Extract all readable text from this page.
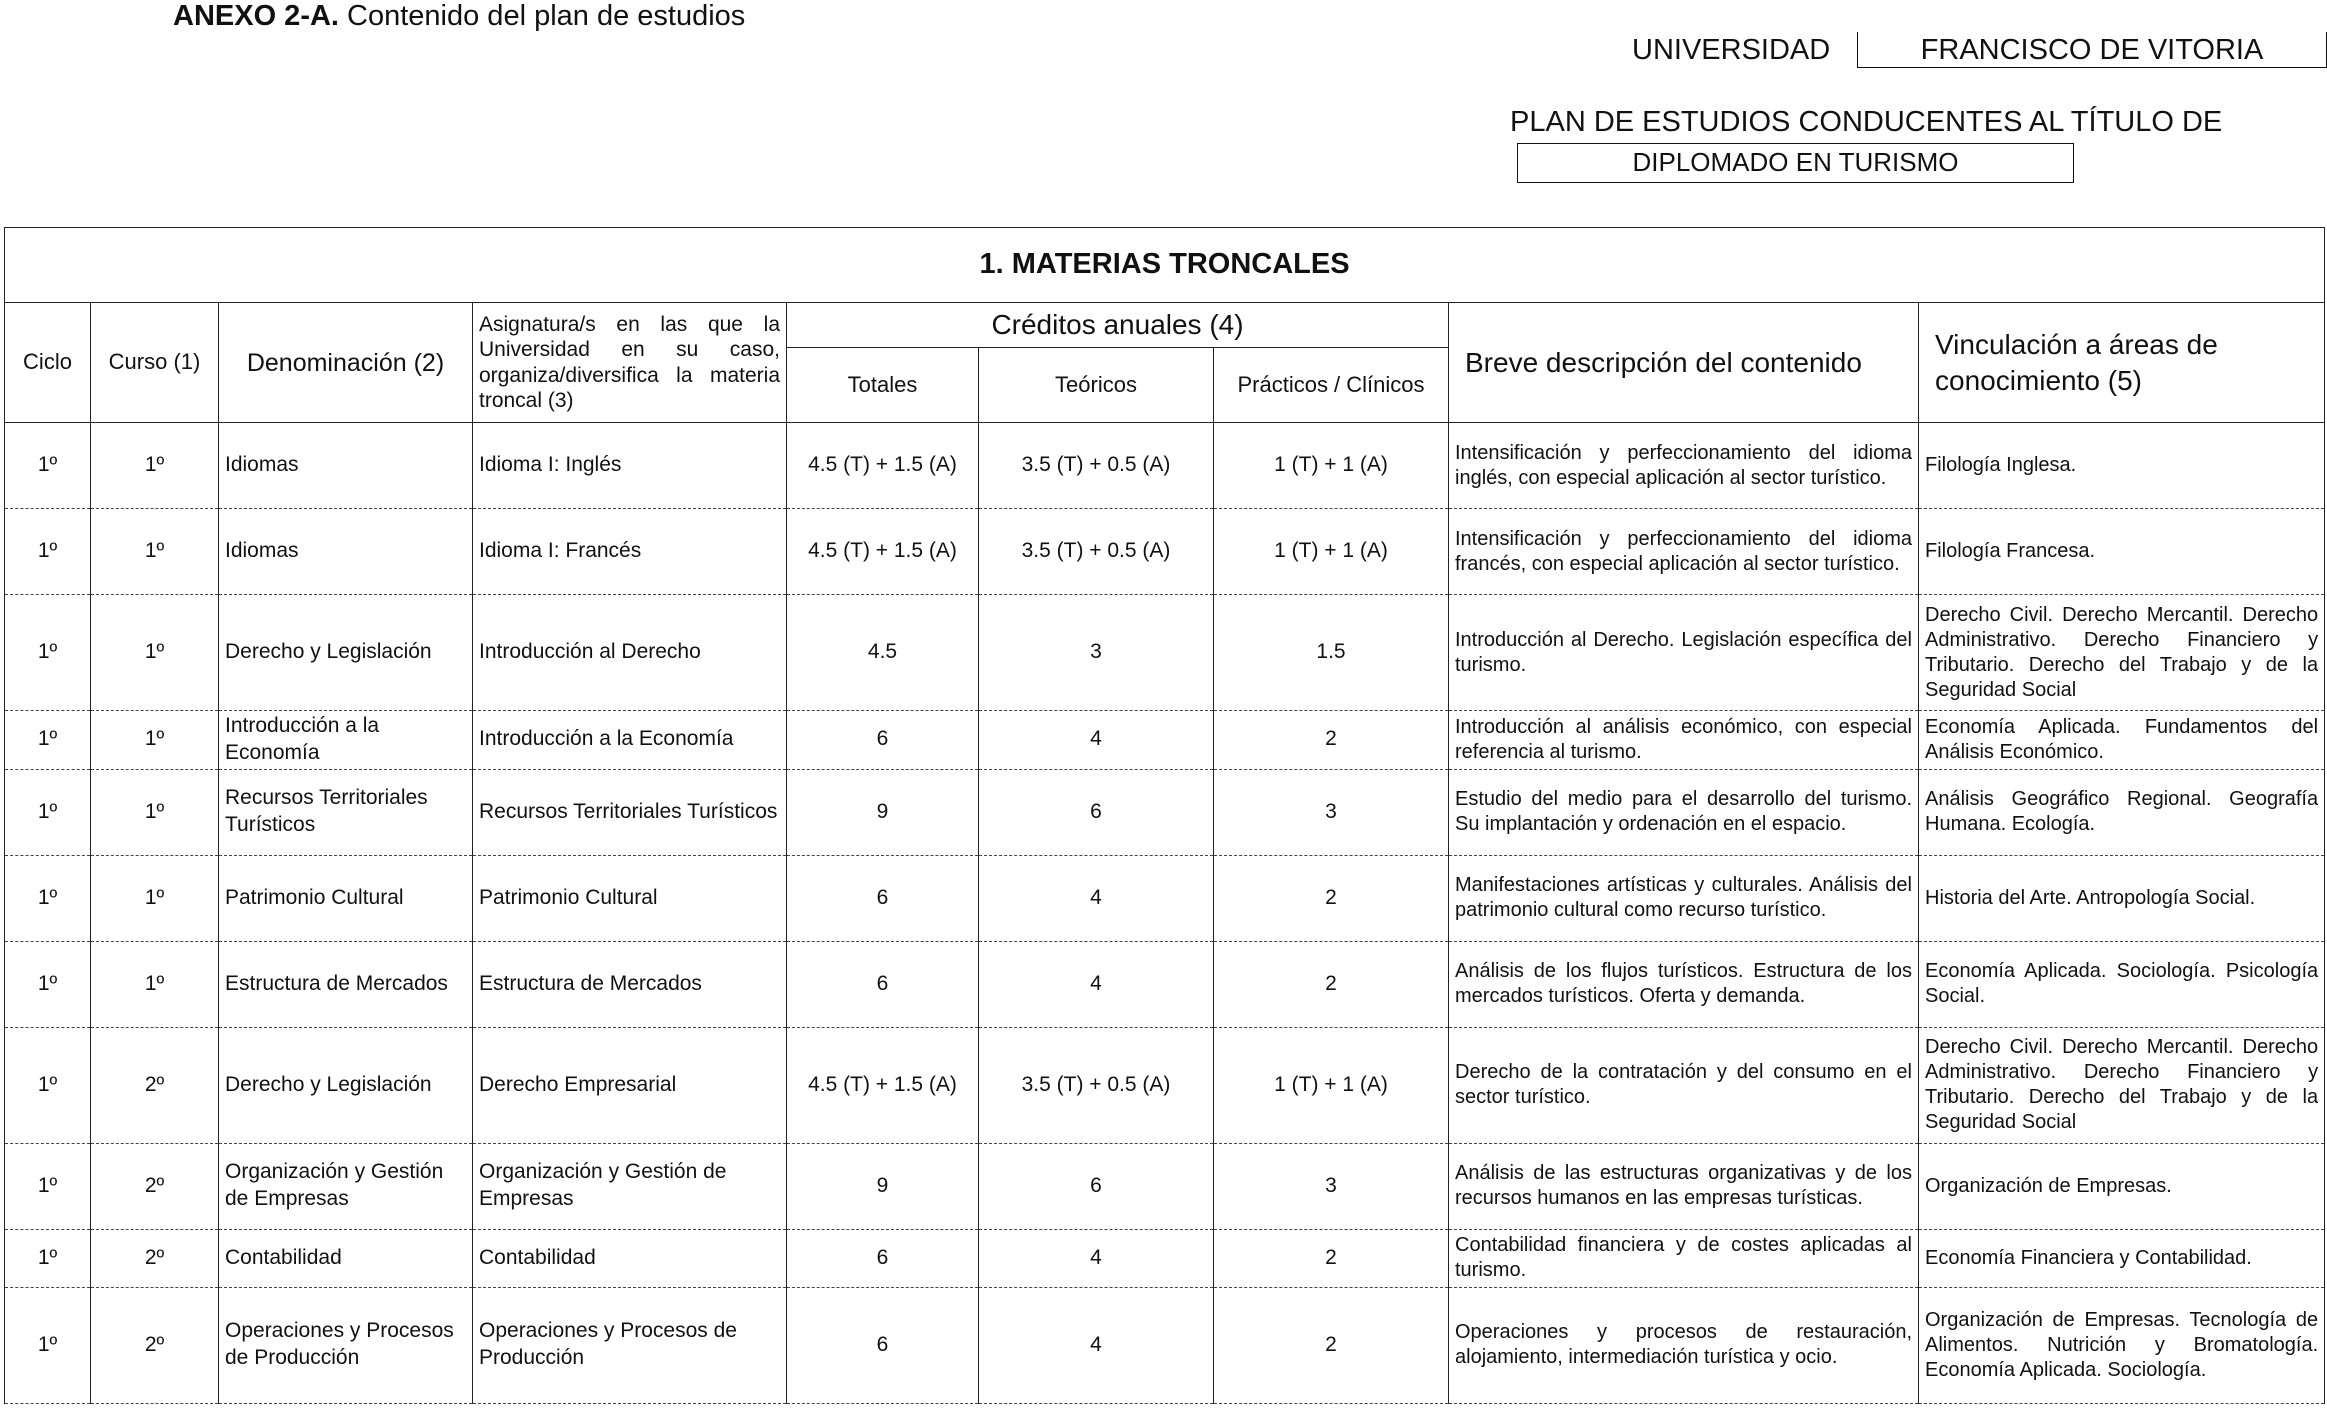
ANEXO 2-A. Contenido del plan de estudios
UNIVERSIDAD	FRANCISCO DE VITORIA
PLAN DE ESTUDIOS CONDUCENTES AL TÍTULO DE
DIPLOMADO EN TURISMO
1. MATERIAS TRONCALES								
Ciclo	Curso (1)	Denominación (2)	Asignatura/s en las que la Universidad en su caso, organiza/diversifica la materia troncal (3)	Créditos anuales (4)			Breve descripción del contenido	Vinculación a áreas de conocimiento (5)
				Totales	Teóricos	Prácticos / Clínicos		
1º	1º	Idiomas	Idioma I: Inglés	4.5 (T) + 1.5 (A)	3.5 (T) + 0.5 (A)	1 (T) + 1 (A)	Intensificación y perfeccionamiento del idioma inglés, con especial aplicación al sector turístico.	Filología Inglesa.
1º	1º	Idiomas	Idioma I: Francés	4.5 (T) + 1.5 (A)	3.5 (T) + 0.5 (A)	1 (T) + 1 (A)	Intensificación y perfeccionamiento del idioma francés, con especial aplicación al sector turístico.	Filología Francesa.
1º	1º	Derecho y Legislación	Introducción al Derecho	4.5	3	1.5	Introducción al Derecho. Legislación específica del turismo.	Derecho Civil. Derecho Mercantil. Derecho Administrativo. Derecho Financiero y Tributario. Derecho del Trabajo y de la Seguridad Social
1º	1º	Introducción a la Economía	Introducción a la Economía	6	4	2	Introducción al análisis económico, con especial referencia al turismo.	Economía Aplicada. Fundamentos del Análisis Económico.
1º	1º	Recursos Territoriales Turísticos	Recursos Territoriales Turísticos	9	6	3	Estudio del medio para el desarrollo del turismo. Su implantación y ordenación en el espacio.	Análisis Geográfico Regional. Geografía Humana. Ecología.
1º	1º	Patrimonio Cultural	Patrimonio Cultural	6	4	2	Manifestaciones artísticas y culturales. Análisis del patrimonio cultural como recurso turístico.	Historia del Arte. Antropología Social.
1º	1º	Estructura de Mercados	Estructura de Mercados	6	4	2	Análisis de los flujos turísticos. Estructura de los mercados turísticos. Oferta y demanda.	Economía Aplicada. Sociología. Psicología Social.
1º	2º	Derecho y Legislación	Derecho Empresarial	4.5 (T) + 1.5 (A)	3.5 (T) + 0.5 (A)	1 (T) + 1 (A)	Derecho de la contratación y del consumo en el sector turístico.	Derecho Civil. Derecho Mercantil. Derecho Administrativo. Derecho Financiero y Tributario. Derecho del Trabajo y de la Seguridad Social
1º	2º	Organización y Gestión de Empresas	Organización y Gestión de Empresas	9	6	3	Análisis de las estructuras organizativas y de los recursos humanos en las empresas turísticas.	Organización de Empresas.
1º	2º	Contabilidad	Contabilidad	6	4	2	Contabilidad financiera y de costes aplicadas al turismo.	Economía Financiera y Contabilidad.
1º	2º	Operaciones y Procesos de Producción	Operaciones y Procesos de Producción	6	4	2	Operaciones y procesos de restauración, alojamiento, intermediación turística y ocio.	Organización de Empresas. Tecnología de Alimentos. Nutrición y Bromatología. Economía Aplicada. Sociología.
